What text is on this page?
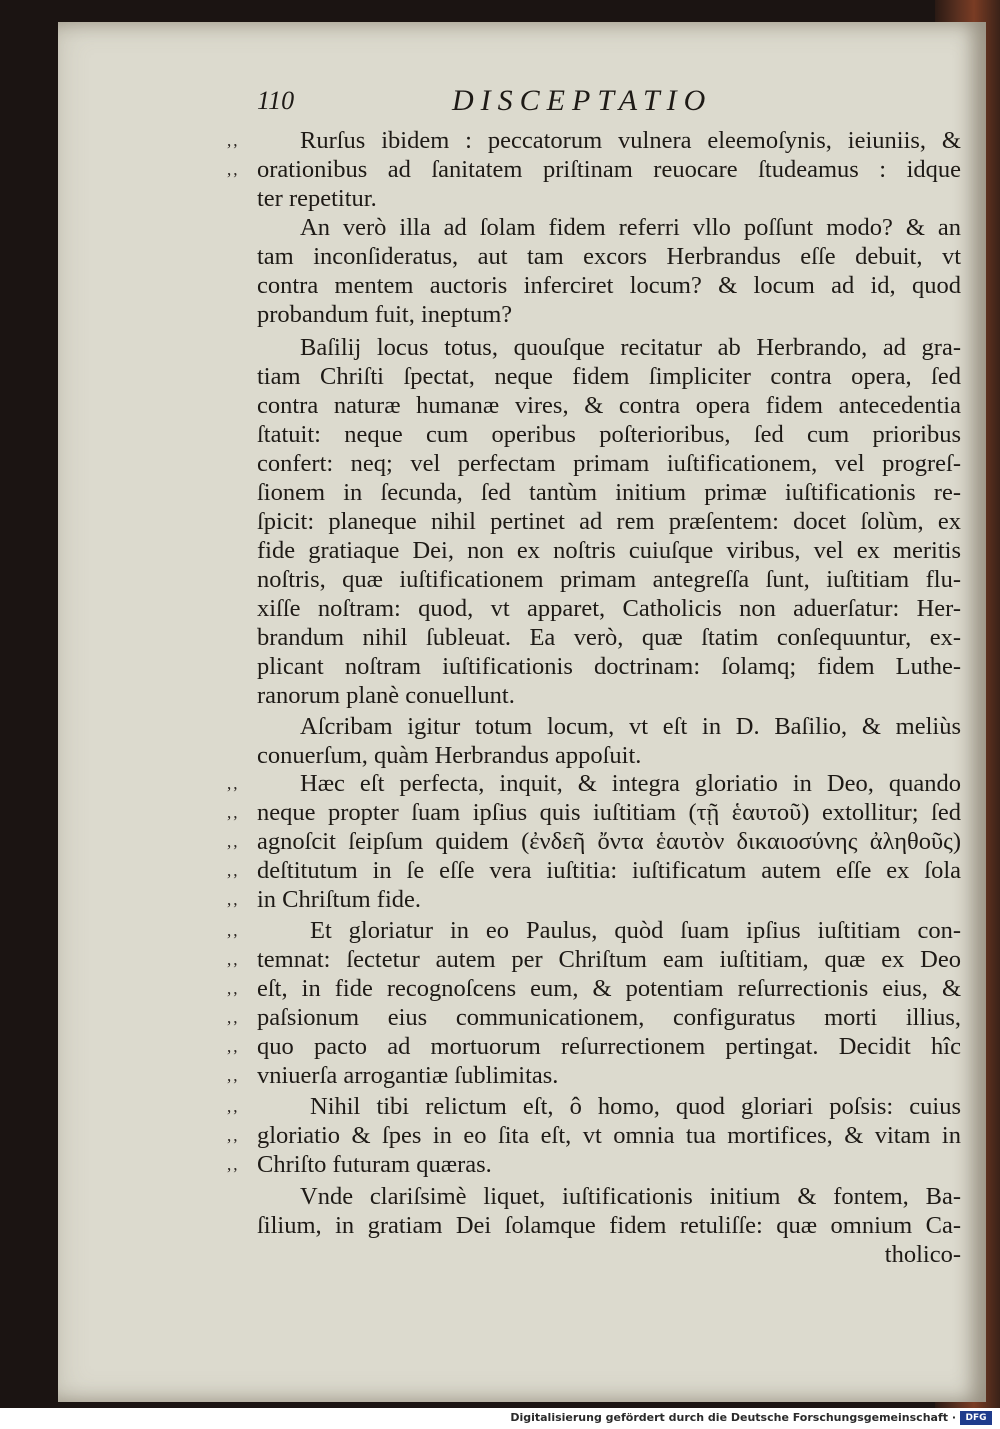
110	DISCEPTATIO
,,
,,
,,
,,
,,
,,
,,
,,
,,
,,
,,
,,
,,
,,
,,
,,
Rurſus ibidem : peccatorum vulnera eleemoſynis, ieiuniis, &
orationibus ad ſanitatem priſtinam reuocare ſtudeamus : idque
ter repetitur.
An verò illa ad ſolam fidem referri vllo poſſunt modo? & an
tam inconſideratus, aut tam excors Herbrandus eſſe debuit, vt
contra mentem auctoris inferciret locum? & locum ad id, quod
probandum fuit, ineptum?
Baſilij locus totus, quouſque recitatur ab Herbrando, ad gra-
tiam Chriſti ſpectat, neque fidem ſimpliciter contra opera, ſed
contra naturæ humanæ vires, & contra opera fidem antecedentia
ſtatuit: neque cum operibus poſterioribus, ſed cum prioribus
confert: neq; vel perfectam primam iuſtificationem, vel progreſ-
ſionem in ſecunda, ſed tantùm initium primæ iuſtificationis re-
ſpicit: planeque nihil pertinet ad rem præſentem: docet ſolùm, ex
fide gratiaque Dei, non ex noſtris cuiuſque viribus, vel ex meritis
noſtris, quæ iuſtificationem primam antegreſſa ſunt, iuſtitiam flu-
xiſſe noſtram: quod, vt apparet, Catholicis non aduerſatur: Her-
brandum nihil ſubleuat. Ea verò, quæ ſtatim conſequuntur, ex-
plicant noſtram iuſtificationis doctrinam: ſolamq; fidem Luthe-
ranorum planè conuellunt.
Aſcribam igitur totum locum, vt eſt in D. Baſilio, & meliùs
conuerſum, quàm Herbrandus appoſuit.
Hæc eſt perfecta, inquit, & integra gloriatio in Deo, quando
neque propter ſuam ipſius quis iuſtitiam (τῇ ἑαυτοῦ) extollitur; ſed
agnoſcit ſeipſum quidem (ἐνδεῆ ὄντα ἑαυτὸν δικαιοσύνης ἀληθοῦς)
deſtitutum in ſe eſſe vera iuſtitia: iuſtificatum autem eſſe ex ſola
in Chriſtum fide.
Et gloriatur in eo Paulus, quòd ſuam ipſius iuſtitiam con-
temnat: ſectetur autem per Chriſtum eam iuſtitiam, quæ ex Deo
eſt, in fide recognoſcens eum, & potentiam reſurrectionis eius, &
paſsionum eius communicationem, configuratus morti illius,
quo pacto ad mortuorum reſurrectionem pertingat. Decidit hîc
vniuerſa arrogantiæ ſublimitas.
Nihil tibi relictum eſt, ô homo, quod gloriari poſsis: cuius
gloriatio & ſpes in eo ſita eſt, vt omnia tua mortifices, & vitam in
Chriſto futuram quæras.
Vnde clariſsimè liquet, iuſtificationis initium & fontem, Ba-
ſilium, in gratiam Dei ſolamque fidem retuliſſe: quæ omnium Ca-
tholico-
Digitalisierung gefördert durch die Deutsche Forschungsgemeinschaft ·	DFG
